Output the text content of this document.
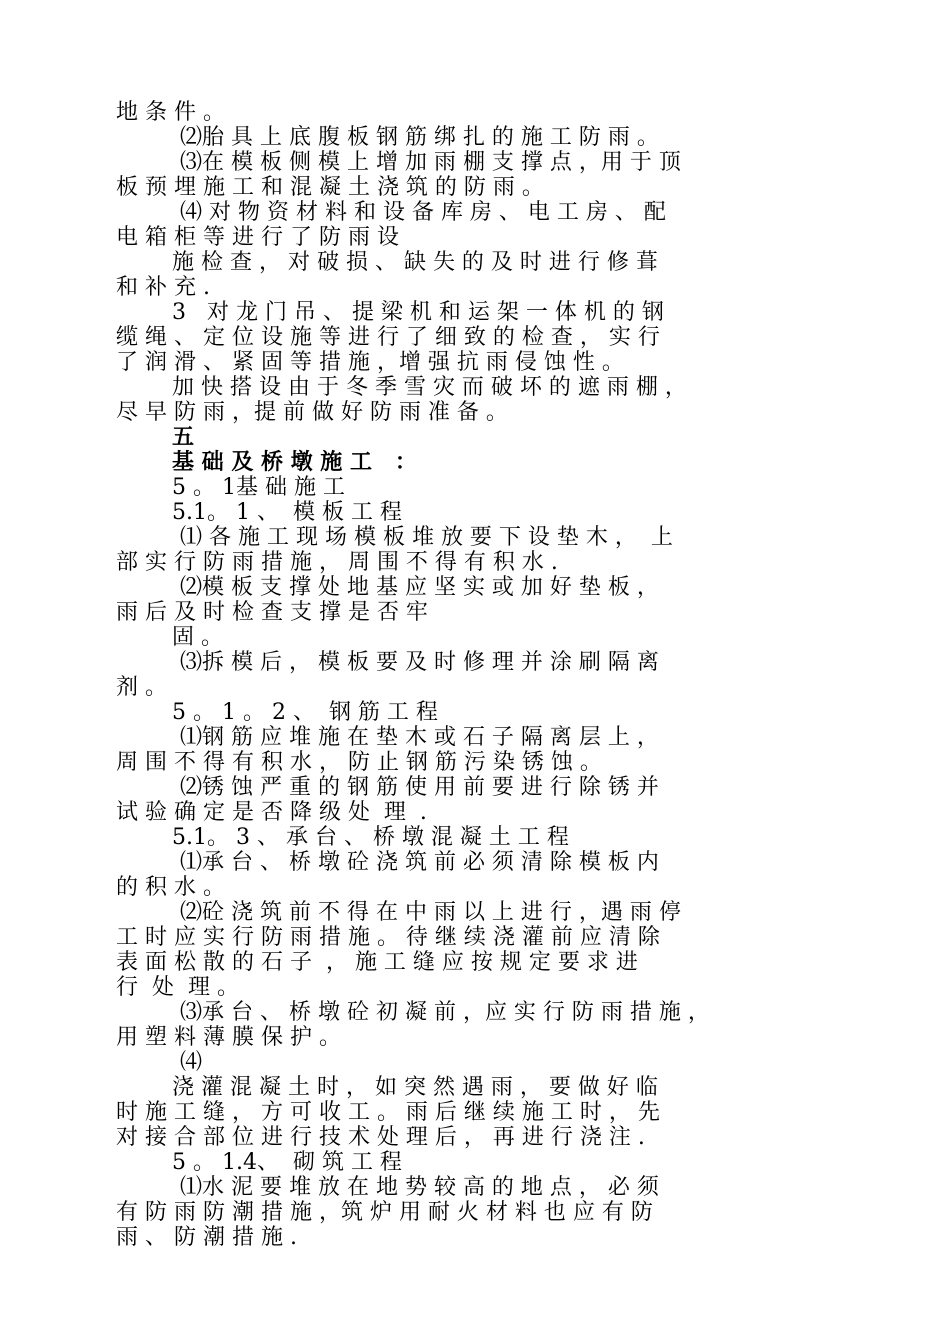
地 条 件 。
⑵胎 具 上 底 腹 板 钢 筋 绑 扎 的 施 工 防 雨 。
⑶在 模 板 侧 模 上 增 加 雨 棚 支 撑 点 ，用 于 顶
板 预 埋 施 工 和 混 凝 土 浇 筑 的 防 雨 。
⑷ 对 物 资 材 料 和 设 备 库 房 、 电 工 房 、 配
电 箱 柜 等 进 行 了 防 雨 设
施 检 查 ， 对 破 损 、 缺 失 的 及 时 进 行 修 葺
和 补 充 .
3   对 龙 门 吊 、 提 梁 机 和 运 架 一 体 机 的 钢
缆 绳 、 定 位 设 施 等 进 行 了 细 致 的 检 查 ， 实 行
了 润 滑 、 紧 固 等 措 施 ，增 强 抗 雨 侵 蚀 性 。
加 快 搭 设 由 于 冬 季 雪 灾 而 破 坏 的 遮 雨 棚 ，
尽 早 防 雨 ，提 前 做 好 防 雨 准 备 。
五
基 础 及 桥 墩 施 工   ：
5 。 1基 础 施 工
5.1。 1 、  模 板 工 程
⑴ 各 施 工 现 场 模 板 堆 放 要 下 设 垫 木 ，  上
部 实 行 防 雨 措 施 ， 周 围 不 得 有 积 水 .
⑵模 板 支 撑 处 地 基 应 坚 实 或 加 好 垫 板 ，
雨 后 及 时 检 查 支 撑 是 否 牢
固 。
⑶拆 模 后 ， 模 板 要 及 时 修 理 并 涂 刷 隔 离
剂 。
5 。 1 。 2 、  钢 筋 工 程
⑴钢 筋 应 堆 施 在 垫 木 或 石 子 隔 离 层 上 ，
周 围 不 得 有 积 水 ， 防 止 钢 筋 污 染 锈 蚀 。
⑵锈 蚀 严 重 的 钢 筋 使 用 前 要 进 行 除 锈 并
试 验 确 定 是 否 降 级 处  理  .
5.1。 3 、 承 台 、 桥 墩 混 凝 土 工 程
⑴承 台 、 桥 墩 砼 浇 筑 前 必 须 清 除 模 板 内
的 积 水 。
⑵砼 浇 筑 前 不 得 在 中 雨 以 上 进 行 ，遇 雨 停
工 时 应 实 行 防 雨 措 施 。 待 继 续 浇 灌 前 应 清 除
表 面 松 散 的 石 子  ， 施 工 缝 应 按 规 定 要 求 进
行  处  理 。
⑶承 台 、 桥 墩 砼 初 凝 前 ，应 实 行 防 雨 措 施 ，
用 塑 料 薄 膜 保 护 。
⑷
浇 灌 混 凝 土 时 ， 如 突 然 遇 雨 ， 要 做 好 临
时 施 工 缝 ， 方 可 收 工 。 雨 后 继 续 施 工 时 ， 先
对 接 合 部 位 进 行 技 术 处 理 后 ， 再 进 行 浇 注 .
5 。 1.4、  砌 筑 工 程
⑴水 泥 要 堆 放 在 地 势 较 高 的 地 点 ， 必 须
有 防 雨 防 潮 措 施 ，筑 炉 用 耐 火 材 料 也 应 有 防
雨 、 防 潮 措 施 .
